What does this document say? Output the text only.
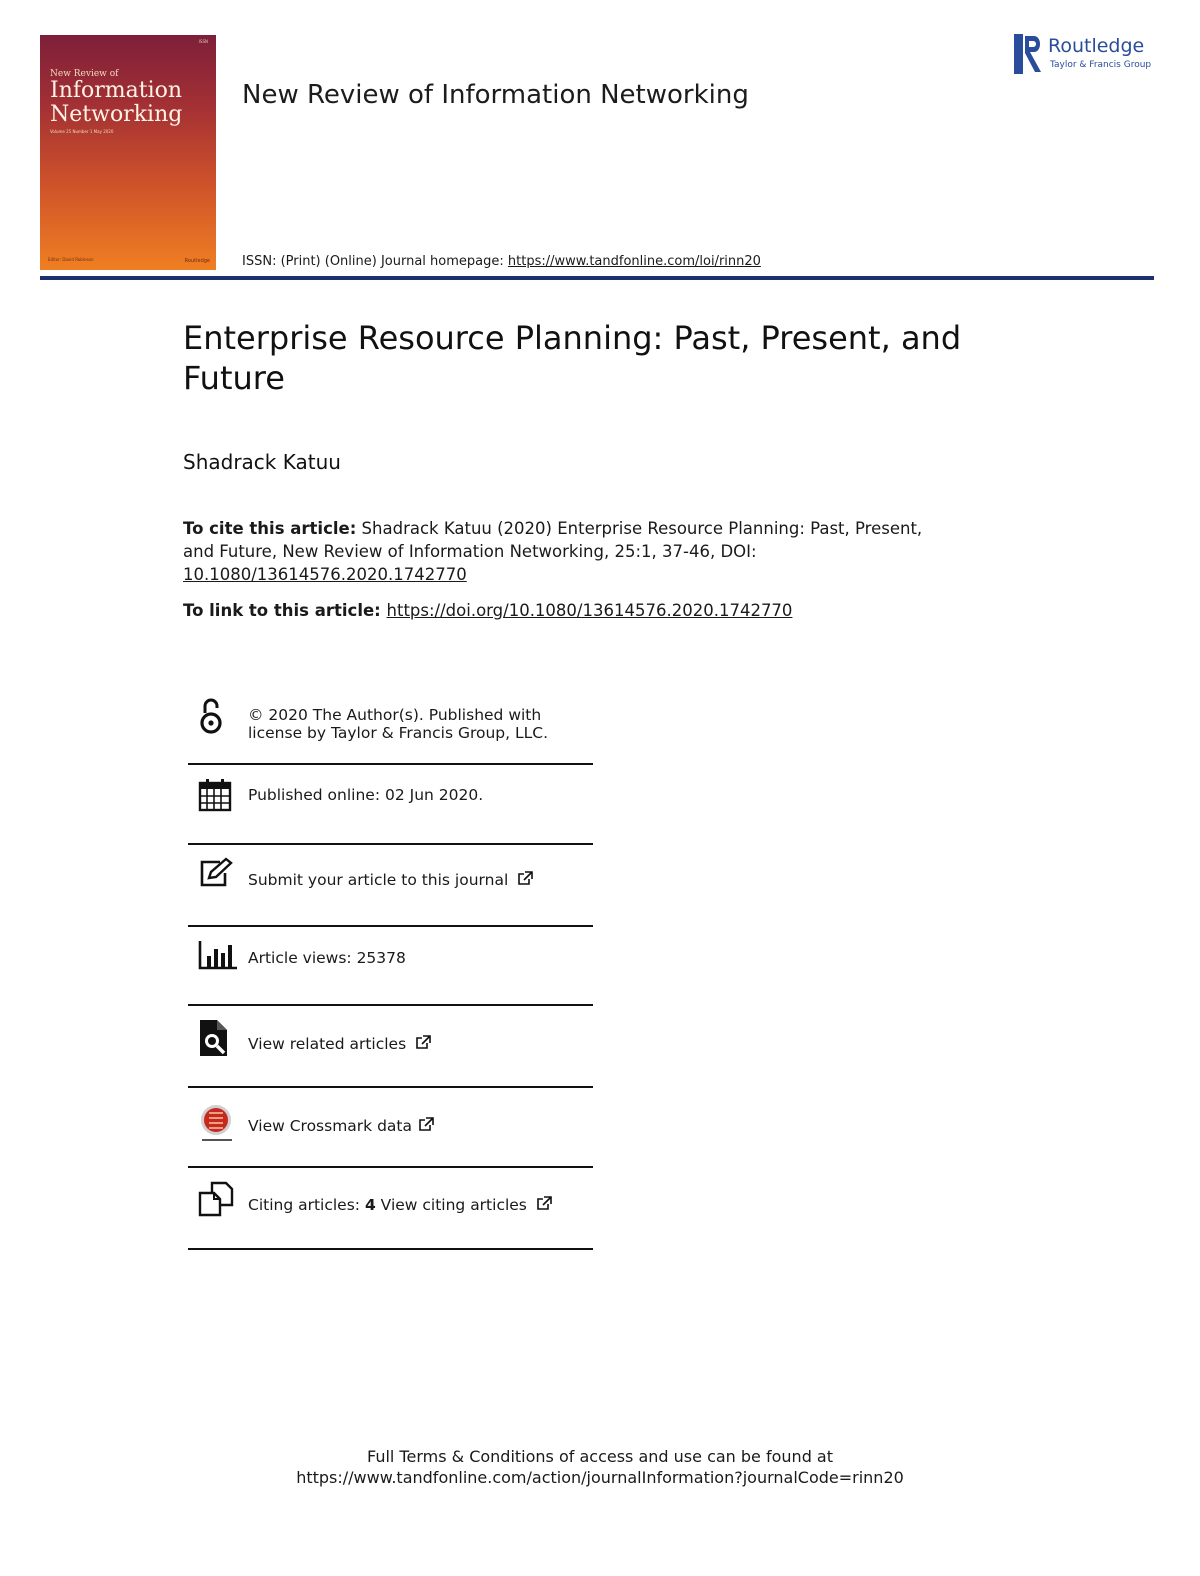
ISSN
New Review of
Information
Networking
Volume 25 Number 1 May 2020
Editor: David Robinson	Routledge
New Review of Information Networking
Routledge
Taylor & Francis Group
ISSN: (Print) (Online) Journal homepage: https://www.tandfonline.com/loi/rinn20
Enterprise Resource Planning: Past, Present, and Future
Shadrack Katuu
To cite this article: Shadrack Katuu (2020) Enterprise Resource Planning: Past, Present, and Future, New Review of Information Networking, 25:1, 37-46, DOI: 10.1080/13614576.2020.1742770
To link to this article: https://doi.org/10.1080/13614576.2020.1742770
© 2020 The Author(s). Published with license by Taylor & Francis Group, LLC.
Published online: 02 Jun 2020.
Submit your article to this journal
Article views: 25378
View related articles
View Crossmark data
Citing articles: 4 View citing articles
Full Terms & Conditions of access and use can be found at
https://www.tandfonline.com/action/journalInformation?journalCode=rinn20
